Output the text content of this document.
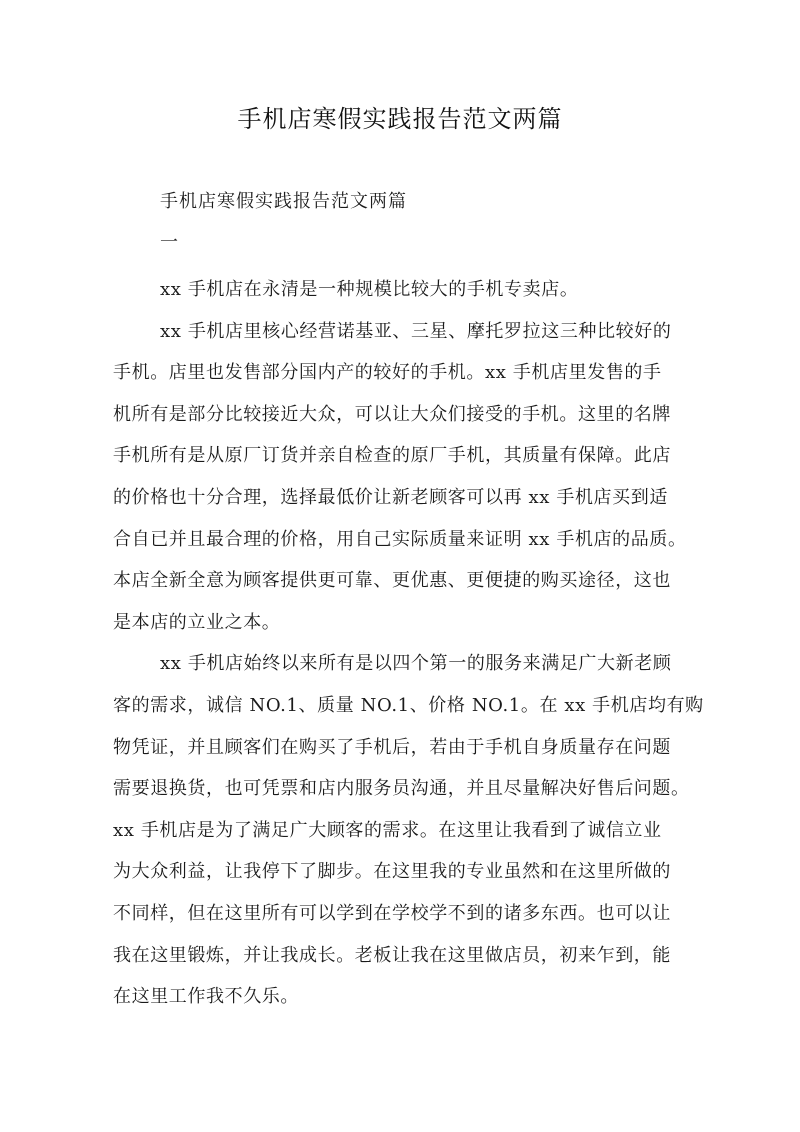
手机店寒假实践报告范文两篇
手机店寒假实践报告范文两篇
一

xx 手机店在永清是一种规模比较大的手机专卖店。

xx 手机店里核心经营诺基亚、三星、摩托罗拉这三种比较好的
手机。店里也发售部分国内产的较好的手机。xx 手机店里发售的手
机所有是部分比较接近大众，可以让大众们接受的手机。这里的名牌
手机所有是从原厂订货并亲自检查的原厂手机，其质量有保障。此店
的价格也十分合理，选择最低价让新老顾客可以再 xx 手机店买到适
合自已并且最合理的价格，用自己实际质量来证明 xx 手机店的品质。
本店全新全意为顾客提供更可靠、更优惠、更便捷的购买途径，这也
是本店的立业之本。

xx 手机店始终以来所有是以四个第一的服务来满足广大新老顾
客的需求，诚信 NO.1、质量 NO.1、价格 NO.1。在 xx 手机店均有购
物凭证，并且顾客们在购买了手机后，若由于手机自身质量存在问题
需要退换货，也可凭票和店内服务员沟通，并且尽量解决好售后问题。
xx 手机店是为了满足广大顾客的需求。在这里让我看到了诚信立业
为大众利益，让我停下了脚步。在这里我的专业虽然和在这里所做的
不同样，但在这里所有可以学到在学校学不到的诸多东西。也可以让
我在这里锻炼，并让我成长。老板让我在这里做店员，初来乍到，能
在这里工作我不久乐。
